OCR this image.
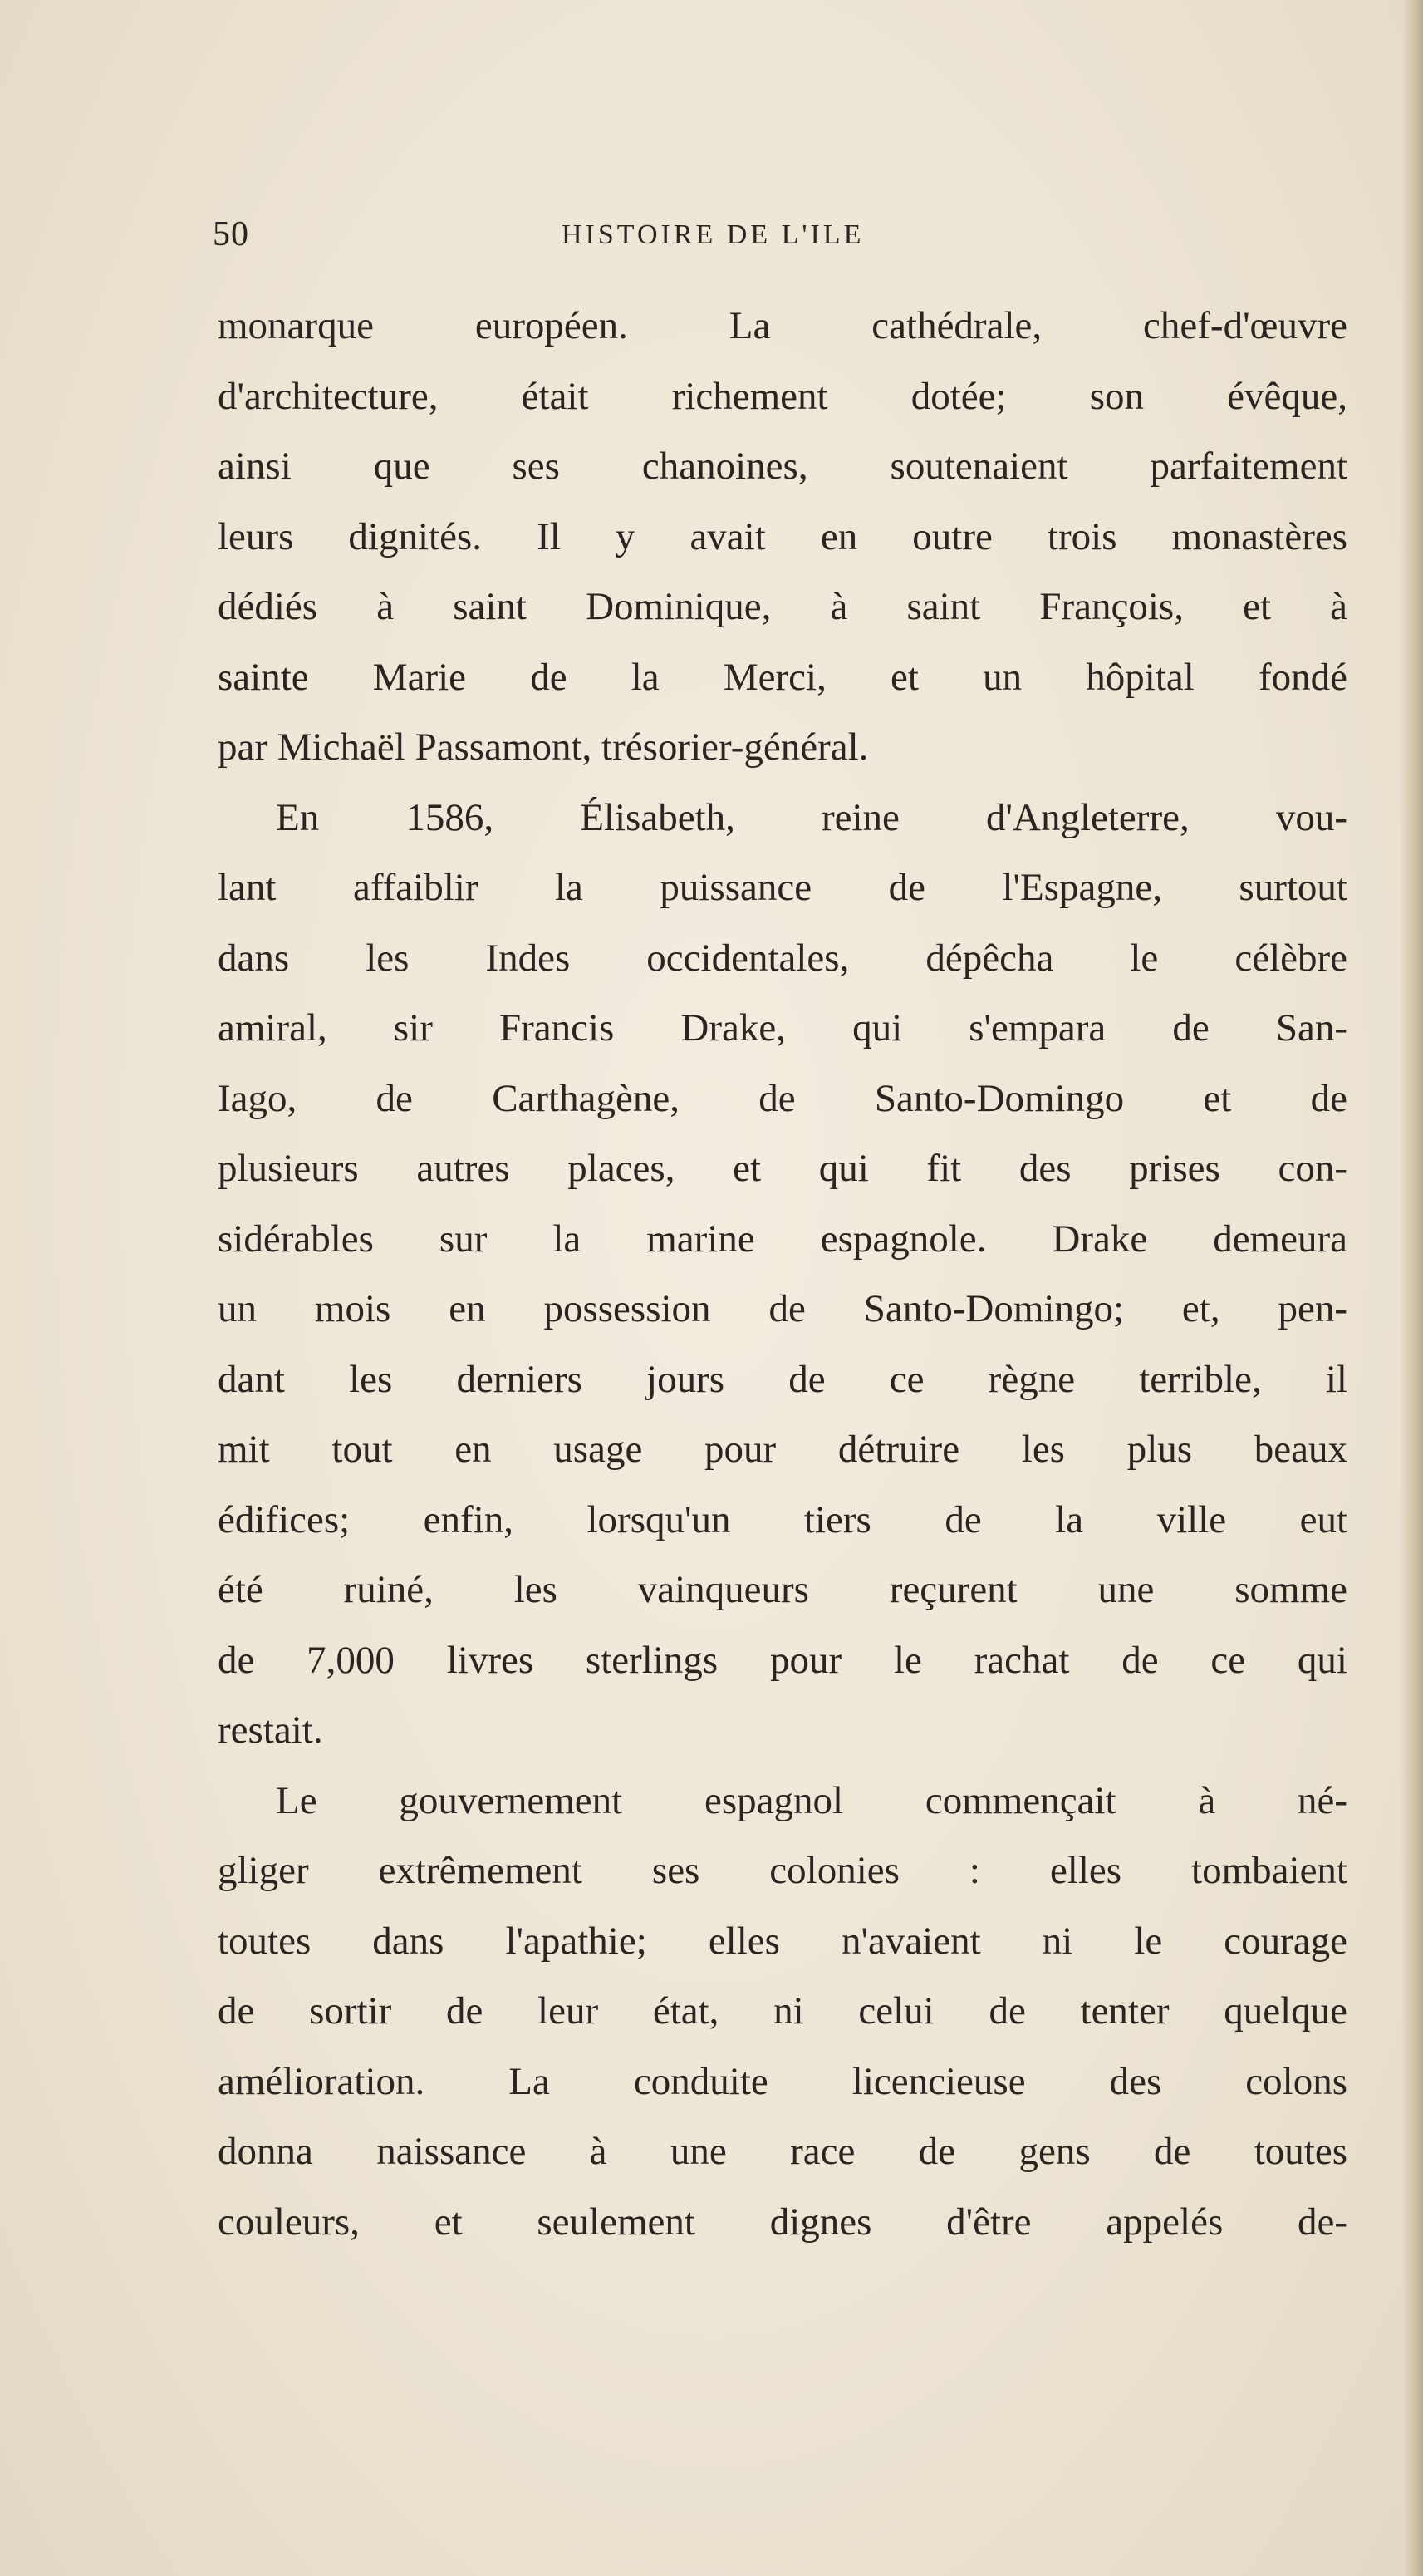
50	HISTOIRE DE L'ILE
monarque européen. La cathédrale, chef-d'œuvre
d'architecture, était richement dotée; son évêque,
ainsi que ses chanoines, soutenaient parfaitement
leurs dignités. Il y avait en outre trois monastères
dédiés à saint Dominique, à saint François, et à
sainte Marie de la Merci, et un hôpital fondé
par Michaël Passamont, trésorier-général.
En 1586, Élisabeth, reine d'Angleterre, vou-
lant affaiblir la puissance de l'Espagne, surtout
dans les Indes occidentales, dépêcha le célèbre
amiral, sir Francis Drake, qui s'empara de San-
Iago, de Carthagène, de Santo-Domingo et de
plusieurs autres places, et qui fit des prises con-
sidérables sur la marine espagnole. Drake demeura
un mois en possession de Santo-Domingo; et, pen-
dant les derniers jours de ce règne terrible, il
mit tout en usage pour détruire les plus beaux
édifices; enfin, lorsqu'un tiers de la ville eut
été ruiné, les vainqueurs reçurent une somme
de 7,000 livres sterlings pour le rachat de ce qui
restait.
Le gouvernement espagnol commençait à né-
gliger extrêmement ses colonies : elles tombaient
toutes dans l'apathie; elles n'avaient ni le courage
de sortir de leur état, ni celui de tenter quelque
amélioration. La conduite licencieuse des colons
donna naissance à une race de gens de toutes
couleurs, et seulement dignes d'être appelés de-
